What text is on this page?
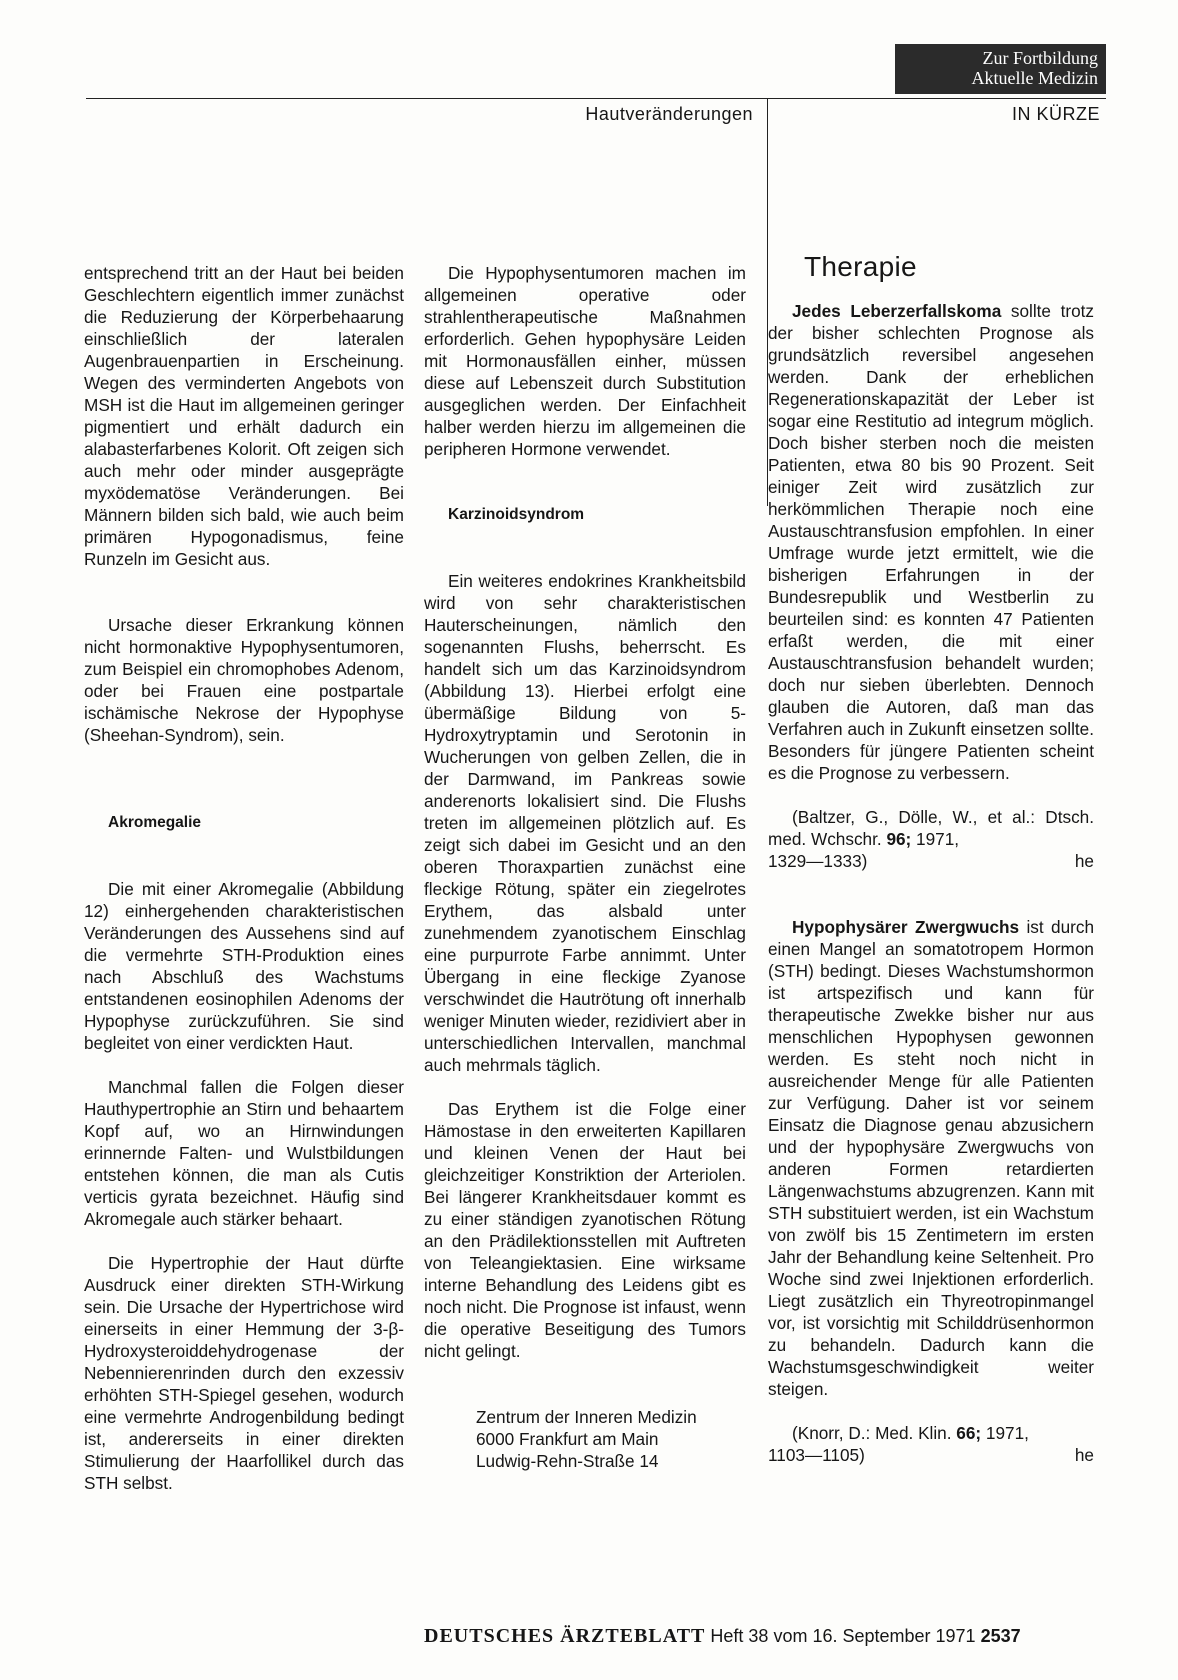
Zur Fortbildung
Aktuelle Medizin
Hautveränderungen	IN KÜRZE

entsprechend tritt an der Haut bei beiden Geschlechtern eigentlich immer zunächst die Reduzierung der Körperbehaarung einschließlich der lateralen Augenbrauenpartien in Erscheinung. Wegen des verminderten Angebots von MSH ist die Haut im allgemeinen geringer pigmentiert und erhält dadurch ein alabasterfarbenes Kolorit. Oft zeigen sich auch mehr oder minder ausgeprägte myxödematöse Veränderungen. Bei Männern bilden sich bald, wie auch beim primären Hypogonadismus, feine Runzeln im Gesicht aus.

Ursache dieser Erkrankung können nicht hormonaktive Hypophysentumoren, zum Beispiel ein chromophobes Adenom, oder bei Frauen eine postpartale ischämische Nekrose der Hypophyse (Sheehan-Syndrom), sein.

Akromegalie

Die mit einer Akromegalie (Abbildung 12) einhergehenden charakteristischen Veränderungen des Aussehens sind auf die vermehrte STH-Produktion eines nach Abschluß des Wachstums entstandenen eosinophilen Adenoms der Hypophyse zurückzuführen. Sie sind begleitet von einer verdickten Haut.

Manchmal fallen die Folgen dieser Hauthypertrophie an Stirn und behaartem Kopf auf, wo an Hirnwindungen erinnernde Falten- und Wulstbildungen entstehen können, die man als Cutis verticis gyrata bezeichnet. Häufig sind Akromegale auch stärker behaart.

Die Hypertrophie der Haut dürfte Ausdruck einer direkten STH-Wirkung sein. Die Ursache der Hypertrichose wird einerseits in einer Hemmung der 3-β-Hydroxysteroiddehydrogenase der Nebennierenrinden durch den exzessiv erhöhten STH-Spiegel gesehen, wodurch eine vermehrte Androgenbildung bedingt ist, andererseits in einer direkten Stimulierung der Haarfollikel durch das STH selbst.

Die Hypophysentumoren machen im allgemeinen operative oder strahlentherapeutische Maßnahmen erforderlich. Gehen hypophysäre Leiden mit Hormonausfällen einher, müssen diese auf Lebenszeit durch Substitution ausgeglichen werden. Der Einfachheit halber werden hierzu im allgemeinen die peripheren Hormone verwendet.

Karzinoidsyndrom

Ein weiteres endokrines Krankheitsbild wird von sehr charakteristischen Hauterscheinungen, nämlich den sogenannten Flushs, beherrscht. Es handelt sich um das Karzinoidsyndrom (Abbildung 13). Hierbei erfolgt eine übermäßige Bildung von 5-Hydroxytryptamin und Serotonin in Wucherungen von gelben Zellen, die in der Darmwand, im Pankreas sowie anderenorts lokalisiert sind. Die Flushs treten im allgemeinen plötzlich auf. Es zeigt sich dabei im Gesicht und an den oberen Thoraxpartien zunächst eine fleckige Rötung, später ein ziegelrotes Erythem, das alsbald unter zunehmendem zyanotischem Einschlag eine purpurrote Farbe annimmt. Unter Übergang in eine fleckige Zyanose verschwindet die Hautrötung oft innerhalb weniger Minuten wieder, rezidiviert aber in unterschiedlichen Intervallen, manchmal auch mehrmals täglich.

Das Erythem ist die Folge einer Hämostase in den erweiterten Kapillaren und kleinen Venen der Haut bei gleichzeitiger Konstriktion der Arteriolen. Bei längerer Krankheitsdauer kommt es zu einer ständigen zyanotischen Rötung an den Prädilektionsstellen mit Auftreten von Teleangiektasien. Eine wirksame interne Behandlung des Leidens gibt es noch nicht. Die Prognose ist infaust, wenn die operative Beseitigung des Tumors nicht gelingt.

Zentrum der Inneren Medizin
6000 Frankfurt am Main
Ludwig-Rehn-Straße 14
Therapie

Jedes Leberzerfallskoma sollte trotz der bisher schlechten Prognose als grundsätzlich reversibel angesehen werden. Dank der erheblichen Regenerationskapazität der Leber ist sogar eine Restitutio ad integrum möglich. Doch bisher sterben noch die meisten Patienten, etwa 80 bis 90 Prozent. Seit einiger Zeit wird zusätzlich zur herkömmlichen Therapie noch eine Austauschtransfusion empfohlen. In einer Umfrage wurde jetzt ermittelt, wie die bisherigen Erfahrungen in der Bundesrepublik und Westberlin zu beurteilen sind: es konnten 47 Patienten erfaßt werden, die mit einer Austauschtransfusion behandelt wurden; doch nur sieben überlebten. Dennoch glauben die Autoren, daß man das Verfahren auch in Zukunft einsetzen sollte. Besonders für jüngere Patienten scheint es die Prognose zu verbessern.

(Baltzer, G., Dölle, W., et al.: Dtsch. med. Wchschr. 96; 1971,

1329—1333)	he

Hypophysärer Zwergwuchs ist durch einen Mangel an somatotropem Hormon (STH) bedingt. Dieses Wachstumshormon ist artspezifisch und kann für therapeutische Zwekke bisher nur aus menschlichen Hypophysen gewonnen werden. Es steht noch nicht in ausreichender Menge für alle Patienten zur Verfügung. Daher ist vor seinem Einsatz die Diagnose genau abzusichern und der hypophysäre Zwergwuchs von anderen Formen retardierten Längenwachstums abzugrenzen. Kann mit STH substituiert werden, ist ein Wachstum von zwölf bis 15 Zentimetern im ersten Jahr der Behandlung keine Seltenheit. Pro Woche sind zwei Injektionen erforderlich. Liegt zusätzlich ein Thyreotropinmangel vor, ist vorsichtig mit Schilddrüsenhormon zu behandeln. Dadurch kann die Wachstumsgeschwindigkeit weiter steigen.

(Knorr, D.: Med. Klin. 66; 1971,

1103—1105)	he
DEUTSCHES ÄRZTEBLATT Heft 38 vom 16. September 1971 2537
